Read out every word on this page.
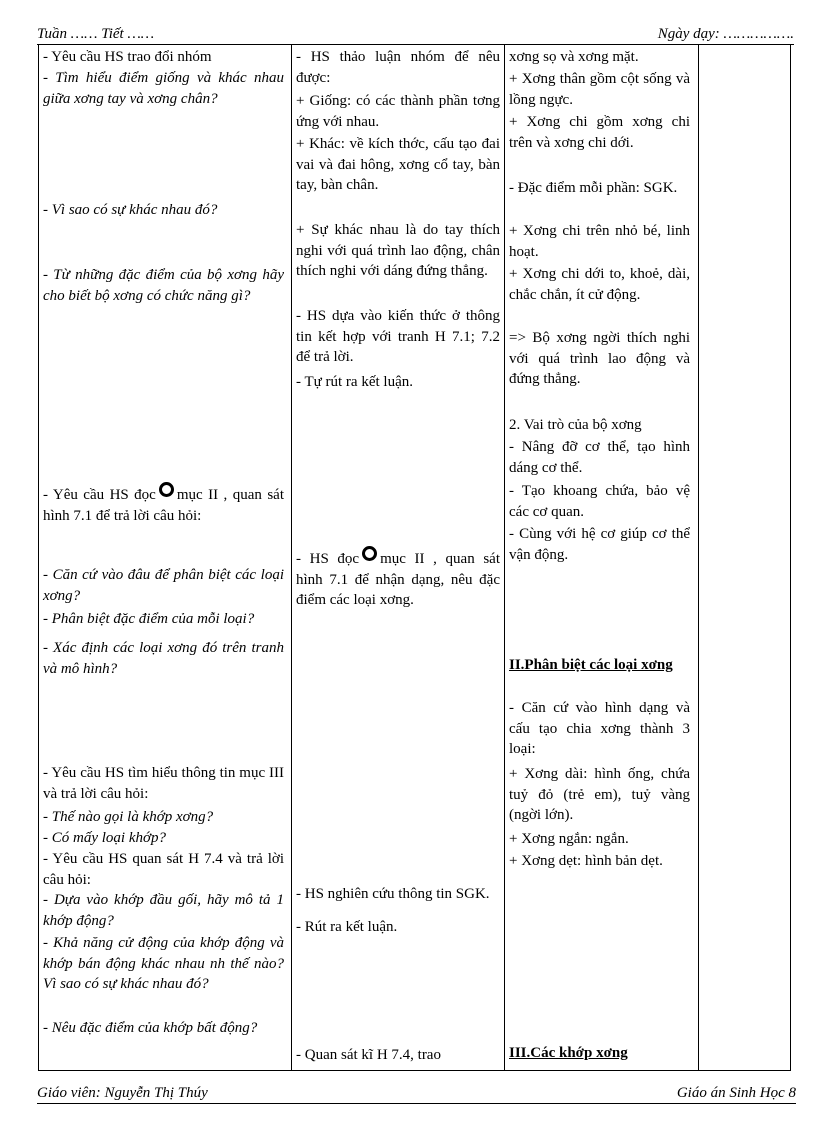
Tuần …… Tiết ……	Ngày dạy: …………….
- Yêu cầu HS trao đổi nhóm
- Tìm hiểu điểm giống và khác nhau giữa xơng tay và xơng chân?
- Vì sao có sự khác nhau đó?
- Từ những đặc điểm của bộ xơng hãy cho biết bộ xơng có chức năng gì?
- Yêu cầu HS đọc mục II , quan sát hình 7.1 để trả lời câu hỏi:
- Căn cứ vào đâu để phân biệt các loại xơng?
- Phân biệt đặc điểm của mỗi loại?
- Xác định các loại xơng đó trên tranh và mô hình?
- Yêu cầu HS tìm hiểu thông tin mục III và trả lời câu hỏi:
- Thế nào gọi là khớp xơng?
- Có mấy loại khớp?
- Yêu cầu HS quan sát H 7.4 và trả lời câu hỏi:
- Dựa vào khớp đầu gối, hãy mô tả 1 khớp động?
- Khả năng cử động của khớp động và khớp bán động khác nhau nh thế nào? Vì sao có sự khác nhau đó?
- Nêu đặc điểm của khớp bất động?
- HS thảo luận nhóm để nêu được:
+ Giống: có các thành phần tơng ứng với nhau.
+ Khác: về kích thớc, cấu tạo đai vai và đai hông, xơng cổ tay, bàn tay, bàn chân.
+ Sự khác nhau là do tay thích nghi với quá trình lao động, chân thích nghi với dáng đứng thẳng.
- HS dựa vào kiến thức ở thông tin kết hợp với tranh H 7.1; 7.2 để trả lời.
- Tự rút ra kết luận.
- HS đọc mục II , quan sát hình 7.1 để nhận dạng, nêu đặc điểm các loại xơng.
- HS nghiên cứu thông tin SGK.
- Rút ra kết luận.
- Quan sát kĩ H 7.4, trao
xơng sọ và xơng mặt.
+ Xơng thân gồm cột sống và lồng ngực.
+ Xơng chi gồm xơng chi trên và xơng chi dới.
- Đặc điểm mỗi phần: SGK.
+ Xơng chi trên nhỏ bé, linh hoạt.
+ Xơng chi dới to, khoẻ, dài, chắc chắn, ít cử động.
=> Bộ xơng ngời thích nghi với quá trình lao động và đứng thẳng.
2. Vai trò của bộ xơng
- Nâng đỡ cơ thể, tạo hình dáng cơ thể.
- Tạo khoang chứa, bảo vệ các cơ quan.
- Cùng với hệ cơ giúp cơ thể vận động.
II.Phân biệt các loại xơng
- Căn cứ vào hình dạng và cấu tạo chia xơng thành 3 loại:
+ Xơng dài: hình ống, chứa tuỷ đỏ (trẻ em), tuỷ vàng (ngời lớn).
+ Xơng ngắn: ngắn.
+ Xơng dẹt: hình bản dẹt.
III.Các khớp xơng
Giáo viên: Nguyễn Thị Thúy	Giáo án Sinh Học 8
